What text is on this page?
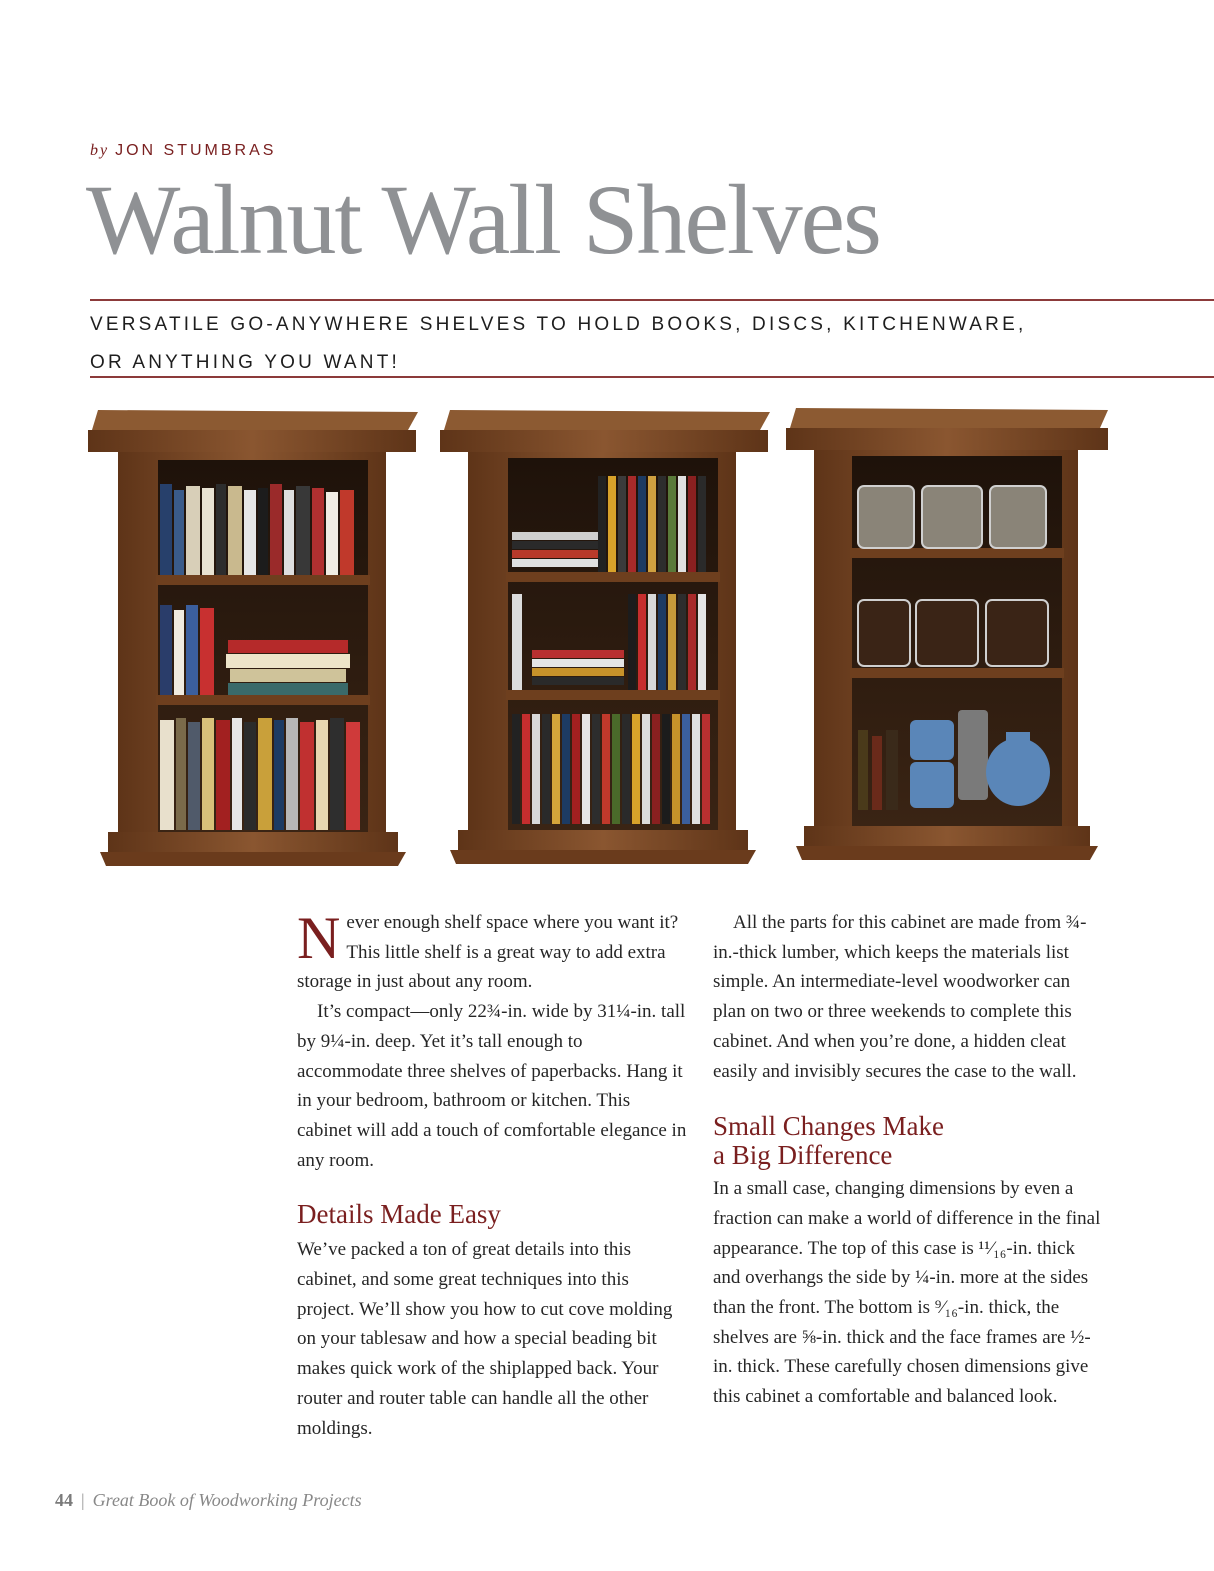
by JON STUMBRAS
Walnut Wall Shelves
VERSATILE GO-ANYWHERE SHELVES TO HOLD BOOKS, DISCS, KITCHENWARE,
OR ANYTHING YOU WANT!

Never enough shelf space where you want it? This little shelf is a great way to add extra storage in just about any room.

It’s compact—only 22¾-in. wide by 31¼-in. tall by 9¼-in. deep. Yet it’s tall enough to accommodate three shelves of paperbacks. Hang it in your bedroom, bathroom or kitchen. This cabinet will add a touch of comfortable elegance in any room.

Details Made Easy

We’ve packed a ton of great details into this cabinet, and some great techniques into this project. We’ll show you how to cut cove molding on your tablesaw and how a special beading bit makes quick work of the shiplapped back. Your router and router table can handle all the other moldings.

All the parts for this cabinet are made from ¾-in.-thick lumber, which keeps the materials list simple. An intermediate-level woodworker can plan on two or three weekends to complete this cabinet. And when you’re done, a hidden cleat easily and invisibly secures the case to the wall.

Small Changes Make
a Big Difference

In a small case, changing dimensions by even a fraction can make a world of difference in the final appearance. The top of this case is ¹¹⁄₁₆-in. thick and overhangs the side by ¼-in. more at the sides than the front. The bottom is ⁹⁄₁₆-in. thick, the shelves are ⅝-in. thick and the face frames are ½-in. thick. These carefully chosen dimensions give this cabinet a comfortable and balanced look.

44 | Great Book of Woodworking Projects
